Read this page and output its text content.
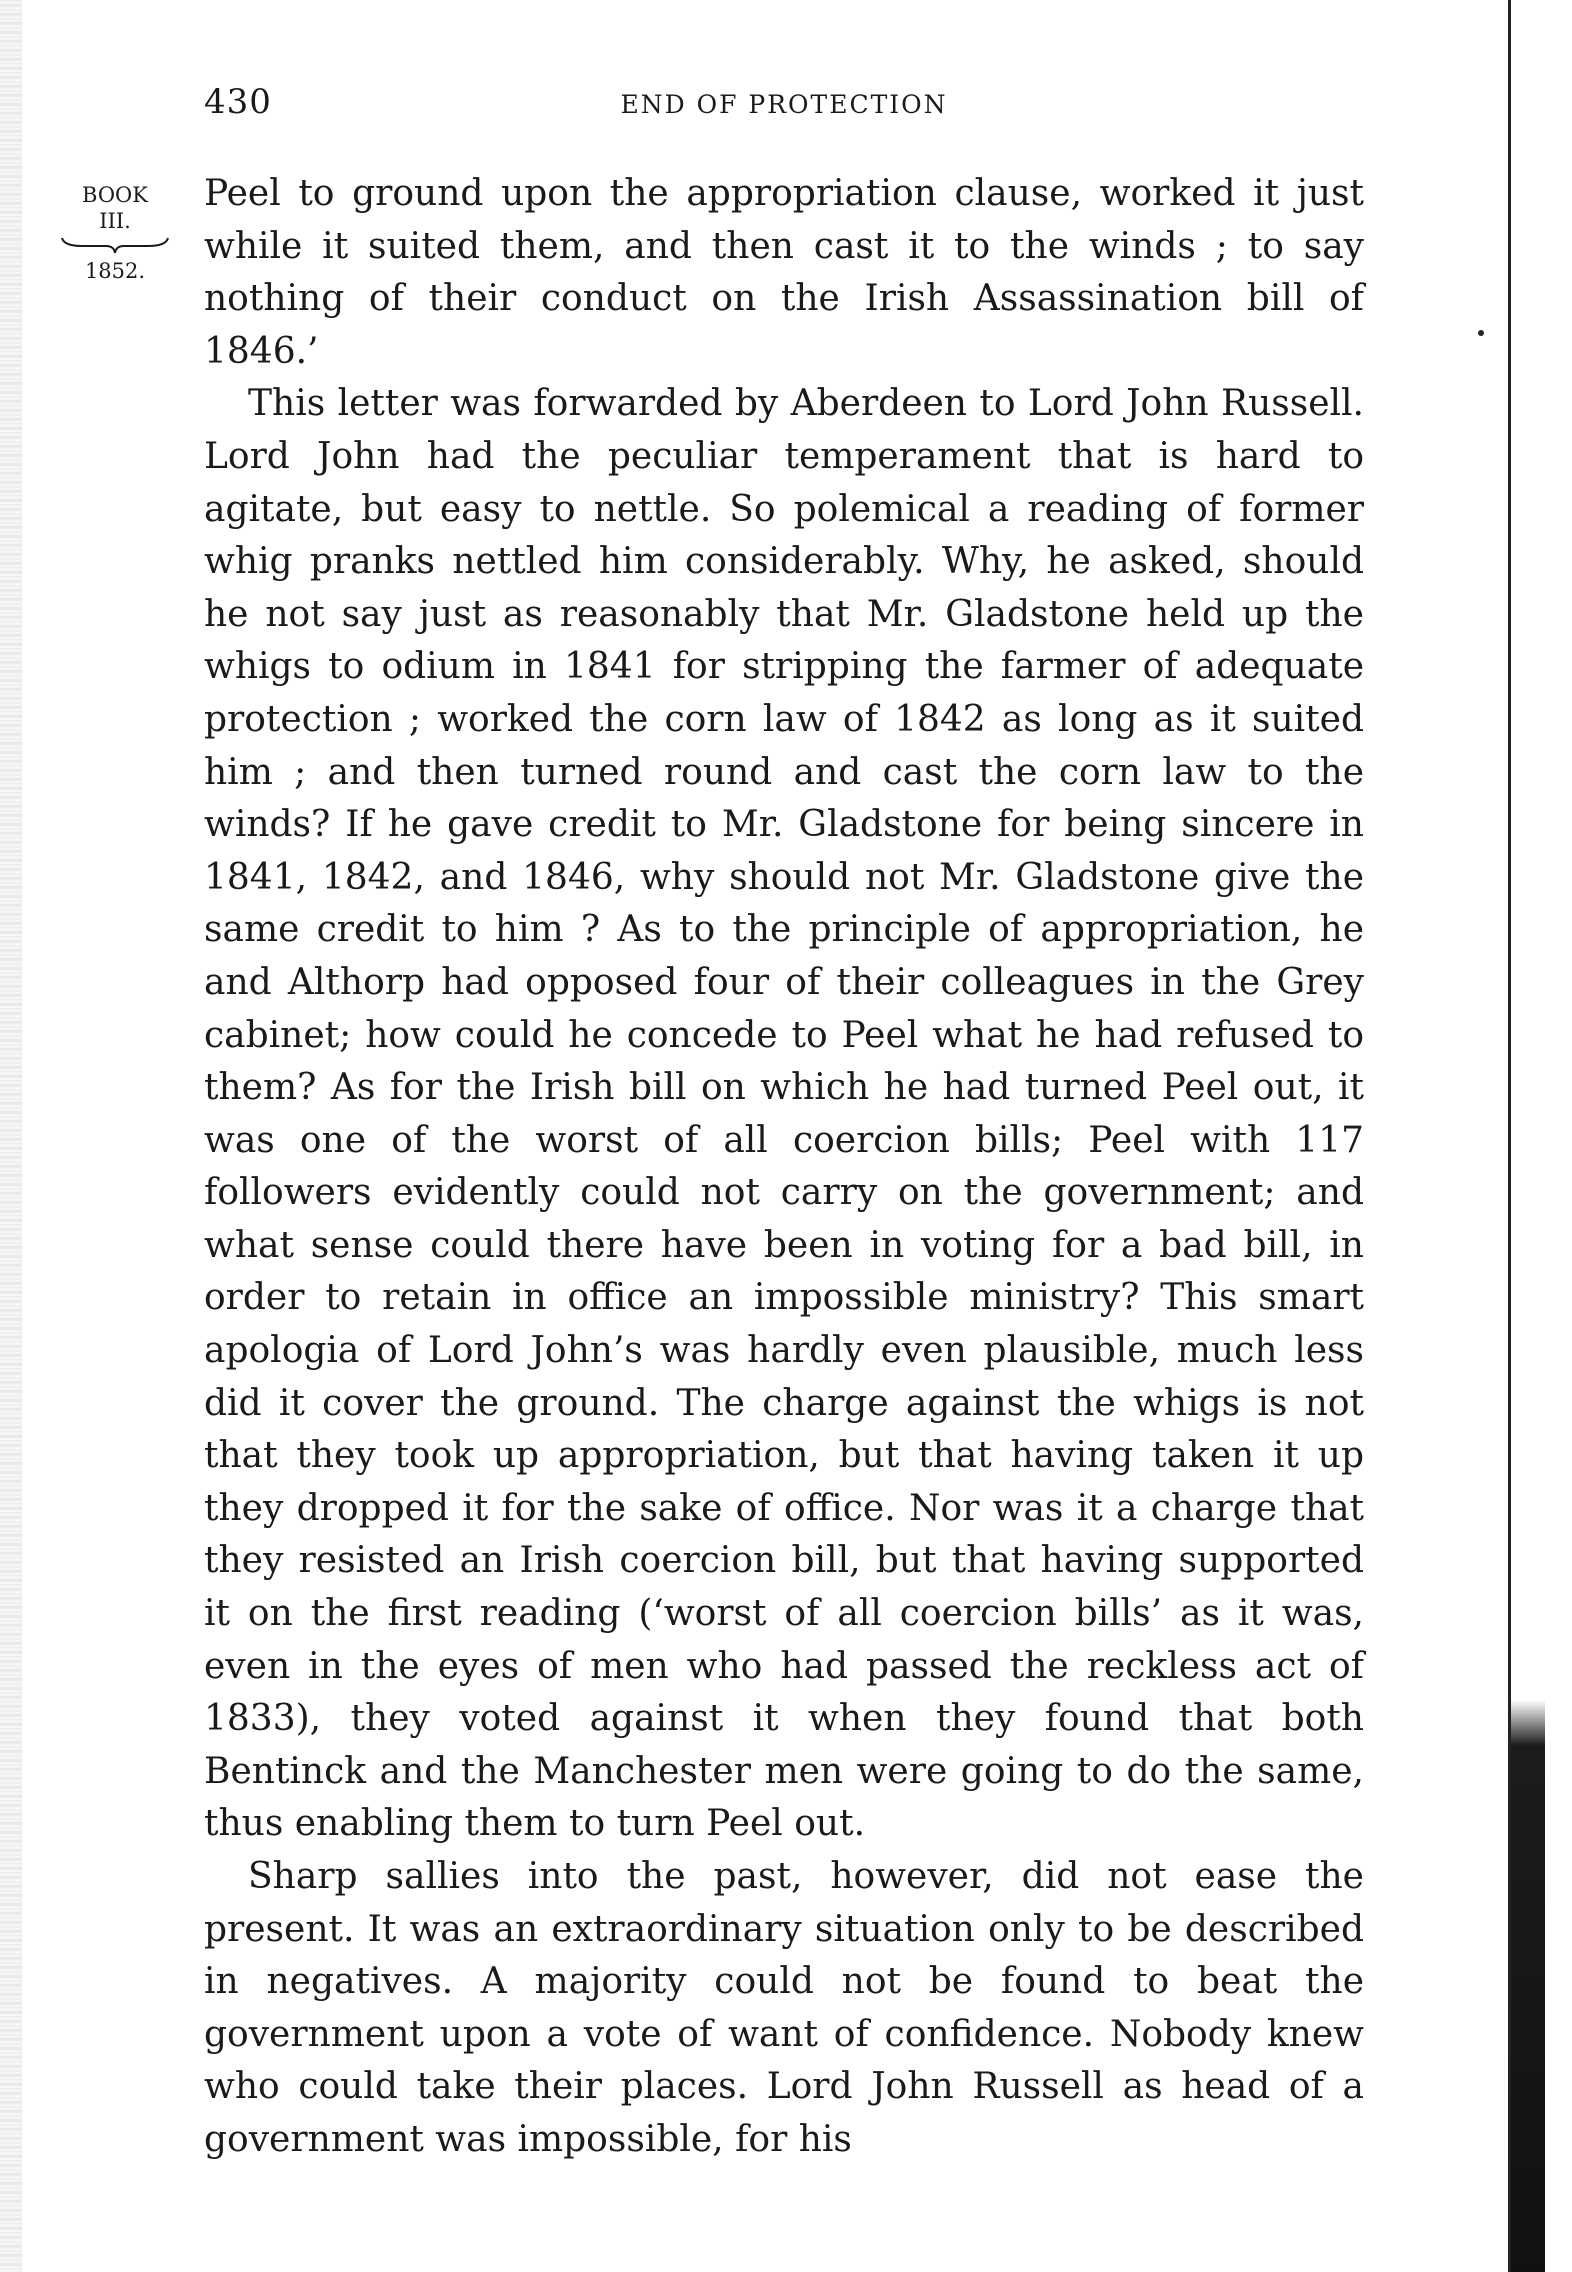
430	END OF PROTECTION
BOOK
III.
1852.

Peel to ground upon the appropriation clause, worked it just while it suited them, and then cast it to the winds ; to say nothing of their conduct on the Irish Assassination bill of 1846.’

This letter was forwarded by Aberdeen to Lord John Russell. Lord John had the peculiar temperament that is hard to agitate, but easy to nettle. So polemical a reading of former whig pranks nettled him considerably. Why, he asked, should he not say just as reasonably that Mr. Gladstone held up the whigs to odium in 1841 for stripping the farmer of adequate protection ; worked the corn law of 1842 as long as it suited him ; and then turned round and cast the corn law to the winds? If he gave credit to Mr. Gladstone for being sincere in 1841, 1842, and 1846, why should not Mr. Gladstone give the same credit to him ? As to the principle of appropriation, he and Althorp had opposed four of their colleagues in the Grey cabinet; how could he concede to Peel what he had refused to them? As for the Irish bill on which he had turned Peel out, it was one of the worst of all coercion bills; Peel with 117 followers evidently could not carry on the government; and what sense could there have been in voting for a bad bill, in order to retain in office an impossible ministry? This smart apologia of Lord John’s was hardly even plausible, much less did it cover the ground. The charge against the whigs is not that they took up appropriation, but that having taken it up they dropped it for the sake of office. Nor was it a charge that they resisted an Irish coercion bill, but that having supported it on the first reading (‘worst of all coercion bills’ as it was, even in the eyes of men who had passed the reckless act of 1833), they voted against it when they found that both Bentinck and the Manchester men were going to do the same, thus enabling them to turn Peel out.

Sharp sallies into the past, however, did not ease the present. It was an extraordinary situation only to be described in negatives. A majority could not be found to beat the government upon a vote of want of confidence. Nobody knew who could take their places. Lord John Russell as head of a government was impossible, for his
